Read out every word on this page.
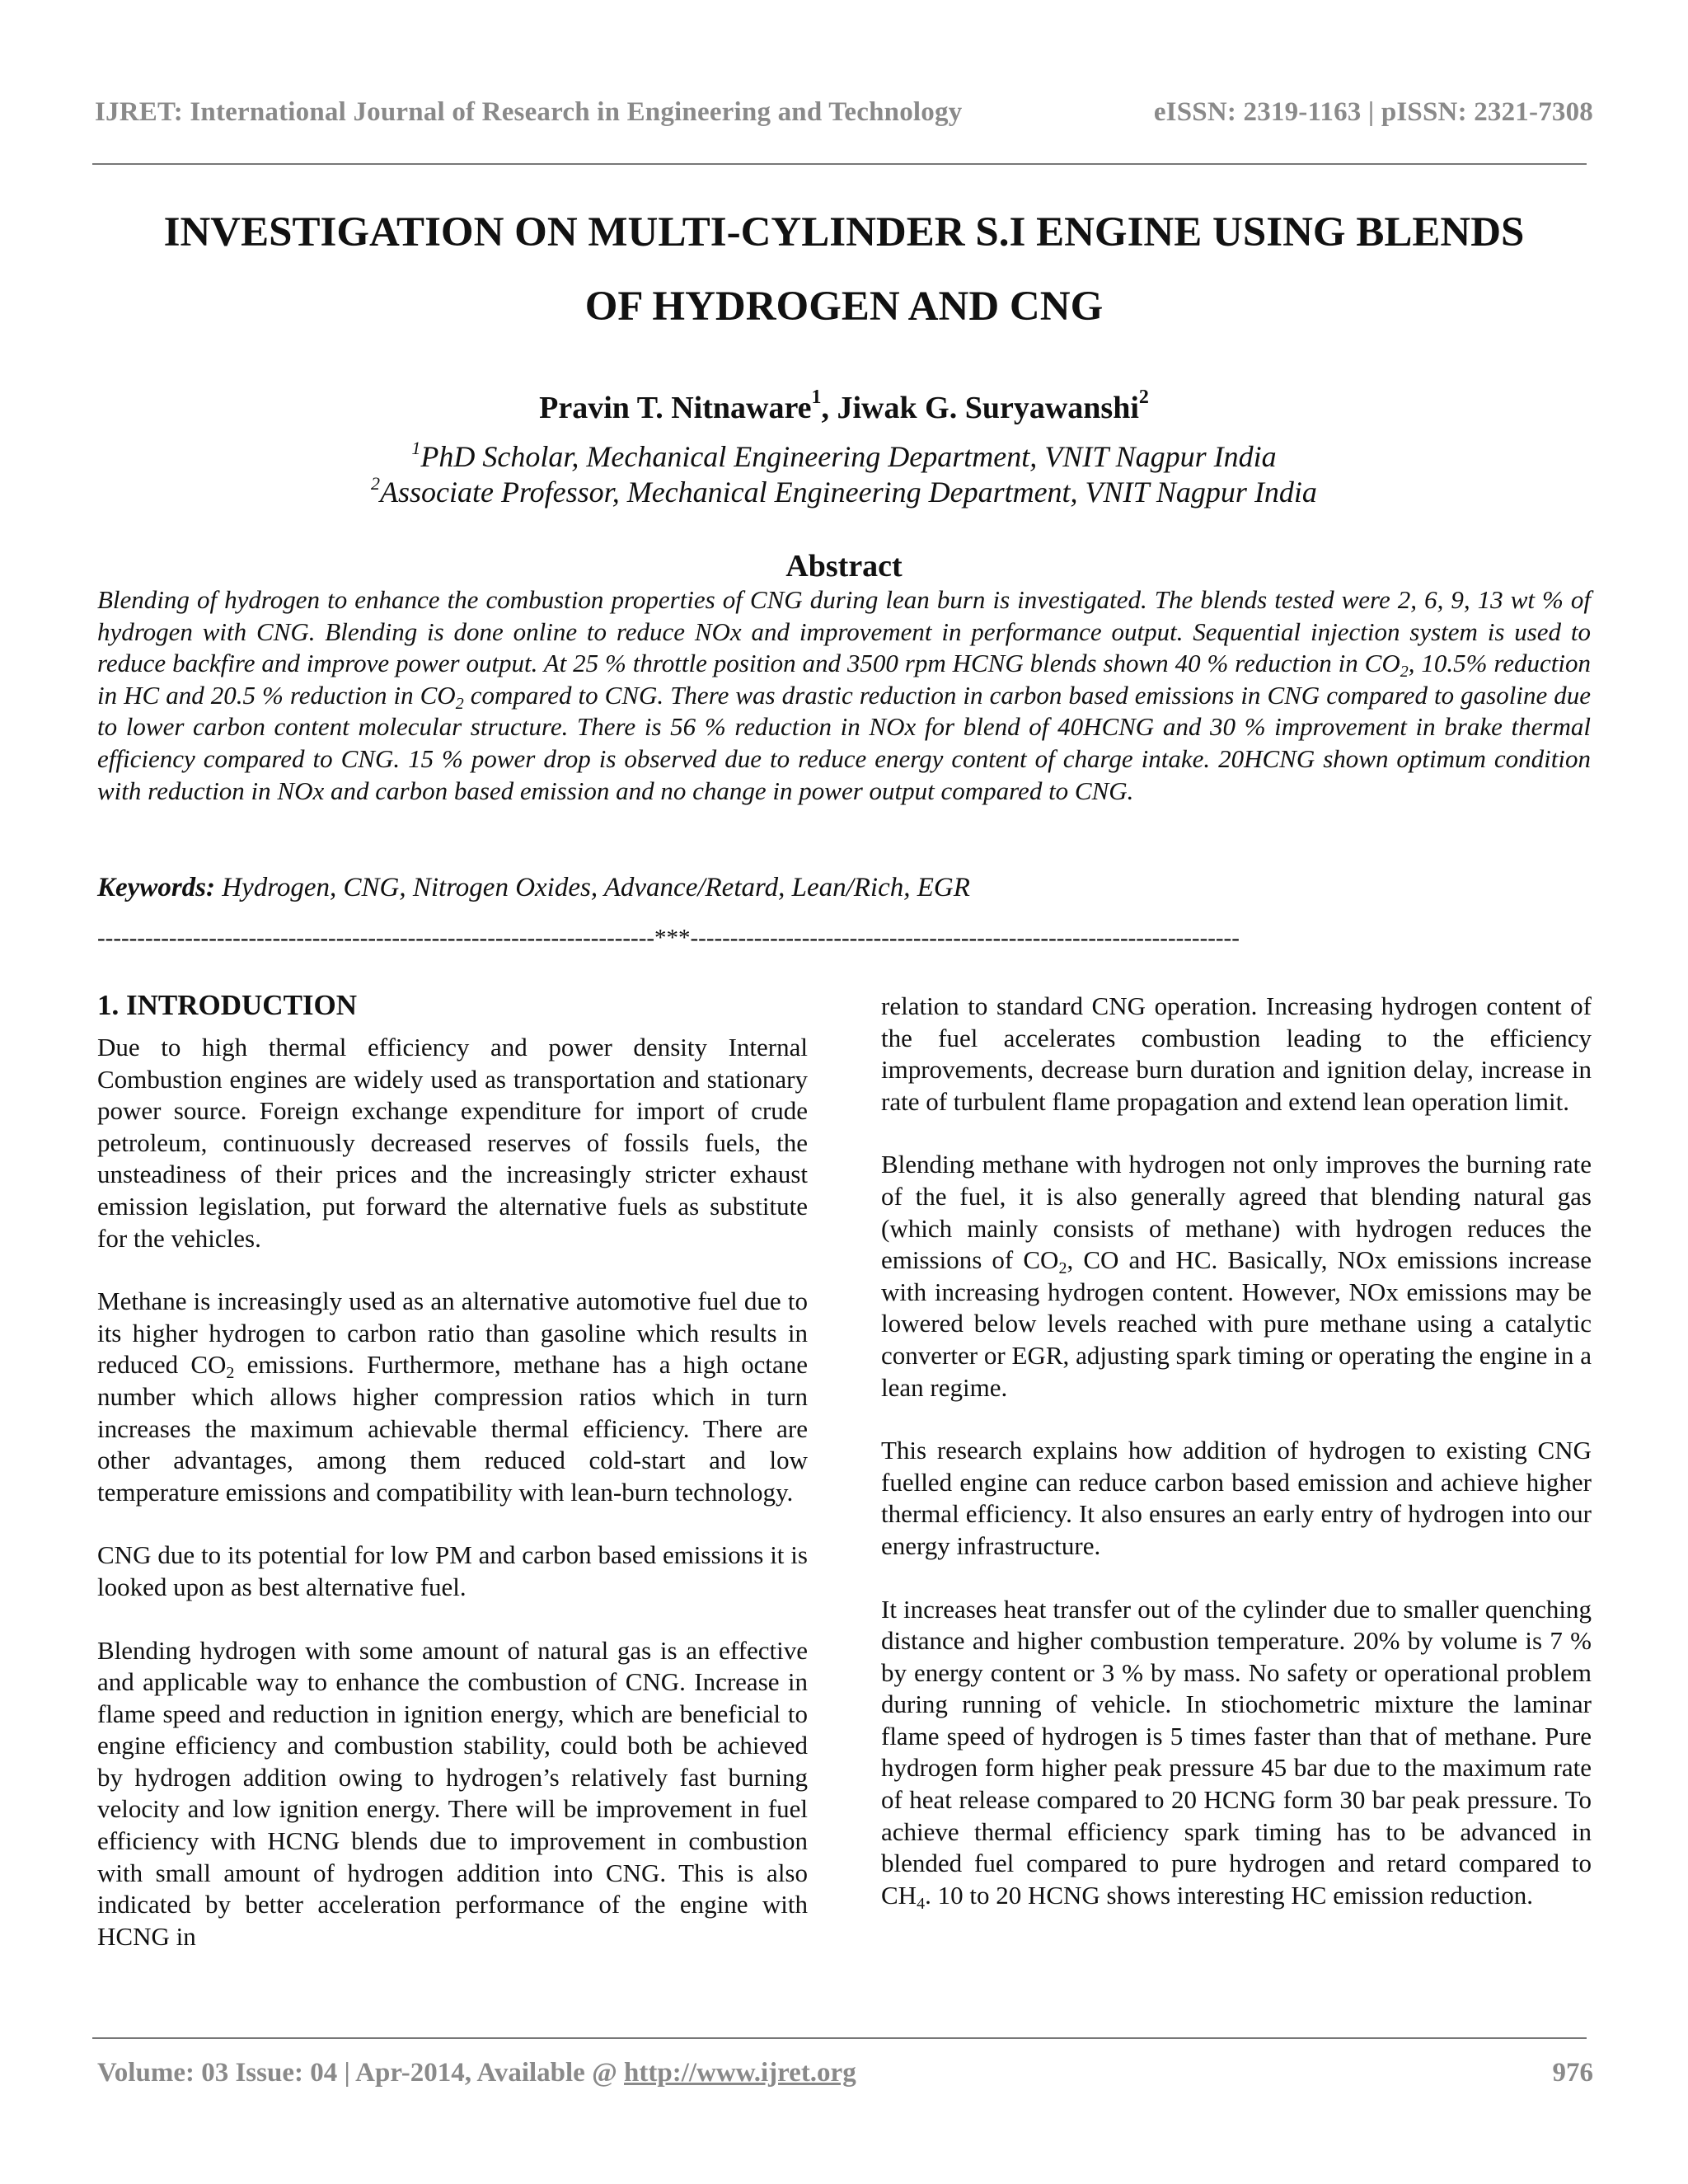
IJRET: International Journal of Research in Engineering and Technology	eISSN: 2319-1163 | pISSN: 2321-7308
INVESTIGATION ON MULTI-CYLINDER S.I ENGINE USING BLENDS
OF HYDROGEN AND CNG
Pravin T. Nitnaware$^1$, Jiwak G. Suryawanshi$^2$
$^1$PhD Scholar, Mechanical Engineering Department, VNIT Nagpur India
$^2$Associate Professor, Mechanical Engineering Department, VNIT Nagpur India
Abstract
Blending of hydrogen to enhance the combustion properties of CNG during lean burn is investigated. The blends tested were 2, 6, 9, 13 wt % of hydrogen with CNG. Blending is done online to reduce NOx and improvement in performance output. Sequential injection system is used to reduce backfire and improve power output. At 25 % throttle position and 3500 rpm HCNG blends shown 40 % reduction in $CO_2$, 10.5% reduction in HC and 20.5 % reduction in $CO_2$ compared to CNG. There was drastic reduction in carbon based emissions in CNG compared to gasoline due to lower carbon content molecular structure. There is 56 % reduction in NOx for blend of 40HCNG and 30 % improvement in brake thermal efficiency compared to CNG. 15 % power drop is observed due to reduce energy content of charge intake. 20HCNG shown optimum condition with reduction in NOx and carbon based emission and no change in power output compared to CNG.
Keywords: Hydrogen, CNG, Nitrogen Oxides, Advance/Retard, Lean/Rich, EGR
----------------------------------------------------------------------***---------------------------------------------------------------------
1. INTRODUCTION

Due to high thermal efficiency and power density Internal Combustion engines are widely used as transportation and stationary power source. Foreign exchange expenditure for import of crude petroleum, continuously decreased reserves of fossils fuels, the unsteadiness of their prices and the increasingly stricter exhaust emission legislation, put forward the alternative fuels as substitute for the vehicles.

Methane is increasingly used as an alternative automotive fuel due to its higher hydrogen to carbon ratio than gasoline which results in reduced $CO_2$ emissions. Furthermore, methane has a high octane number which allows higher compression ratios which in turn increases the maximum achievable thermal efficiency. There are other advantages, among them reduced cold-start and low temperature emissions and compatibility with lean-burn technology.

CNG due to its potential for low PM and carbon based emissions it is looked upon as best alternative fuel.

Blending hydrogen with some amount of natural gas is an effective and applicable way to enhance the combustion of CNG. Increase in flame speed and reduction in ignition energy, which are beneficial to engine efficiency and combustion stability, could both be achieved by hydrogen addition owing to hydrogen’s relatively fast burning velocity and low ignition energy. There will be improvement in fuel efficiency with HCNG blends due to improvement in combustion with small amount of hydrogen addition into CNG. This is also indicated by better acceleration performance of the engine with HCNG in

relation to standard CNG operation. Increasing hydrogen content of the fuel accelerates combustion leading to the efficiency improvements, decrease burn duration and ignition delay, increase in rate of turbulent flame propagation and extend lean operation limit.

Blending methane with hydrogen not only improves the burning rate of the fuel, it is also generally agreed that blending natural gas (which mainly consists of methane) with hydrogen reduces the emissions of $CO_2$, CO and HC. Basically, NOx emissions increase with increasing hydrogen content. However, NOx emissions may be lowered below levels reached with pure methane using a catalytic converter or EGR, adjusting spark timing or operating the engine in a lean regime.

This research explains how addition of hydrogen to existing CNG fuelled engine can reduce carbon based emission and achieve higher thermal efficiency. It also ensures an early entry of hydrogen into our energy infrastructure.

It increases heat transfer out of the cylinder due to smaller quenching distance and higher combustion temperature. 20% by volume is 7 % by energy content or 3 % by mass. No safety or operational problem during running of vehicle. In stiochometric mixture the laminar flame speed of hydrogen is 5 times faster than that of methane. Pure hydrogen form higher peak pressure 45 bar due to the maximum rate of heat release compared to 20 HCNG form 30 bar peak pressure. To achieve thermal efficiency spark timing has to be advanced in blended fuel compared to pure hydrogen and retard compared to $CH_4$. 10 to 20 HCNG shows interesting HC emission reduction.

Volume: 03 Issue: 04 | Apr-2014, Available @ http://www.ijret.org	976
